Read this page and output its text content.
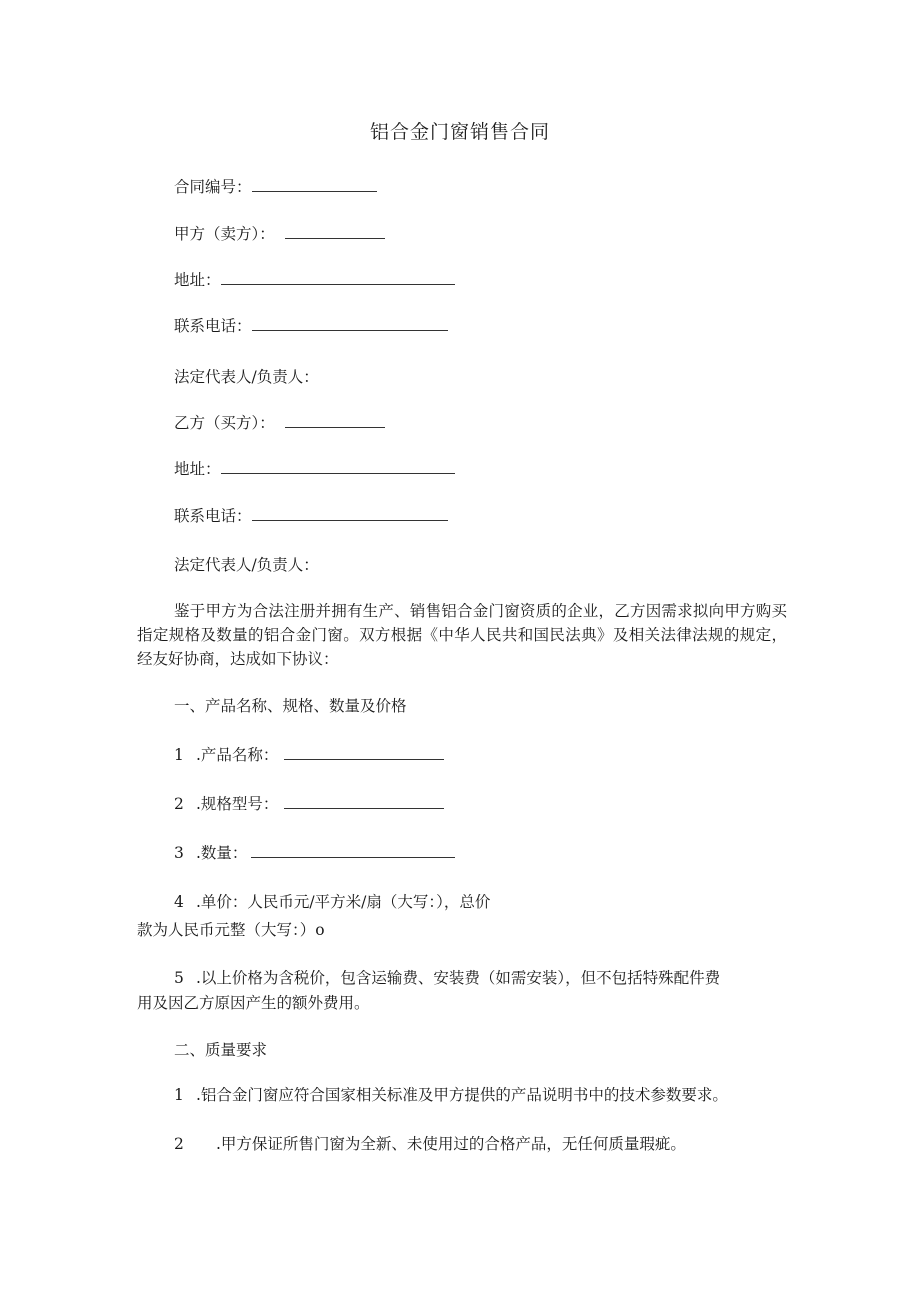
铝合金门窗销售合同
合同编号：
甲方（卖方）：
地址：
联系电话：
法定代表人/负责人：
乙方（买方）：
地址：
联系电话：
法定代表人/负责人：
鉴于甲方为合法注册并拥有生产、销售铝合金门窗资质的企业，乙方因需求拟向甲方购买指定规格及数量的铝合金门窗。双方根据《中华人民共和国民法典》及相关法律法规的规定，经友好协商，达成如下协议：
一、产品名称、规格、数量及价格
1 .产品名称：
2 .规格型号：
3 .数量：
4 .单价：人民币元/平方米/扇（大写：），总价
款为人民币元整（大写：）o
5 .以上价格为含税价，包含运输费、安装费（如需安装），但不包括特殊配件费
用及因乙方原因产生的额外费用。
二、质量要求
1 .铝合金门窗应符合国家相关标准及甲方提供的产品说明书中的技术参数要求。
2 .甲方保证所售门窗为全新、未使用过的合格产品，无任何质量瑕疵。
